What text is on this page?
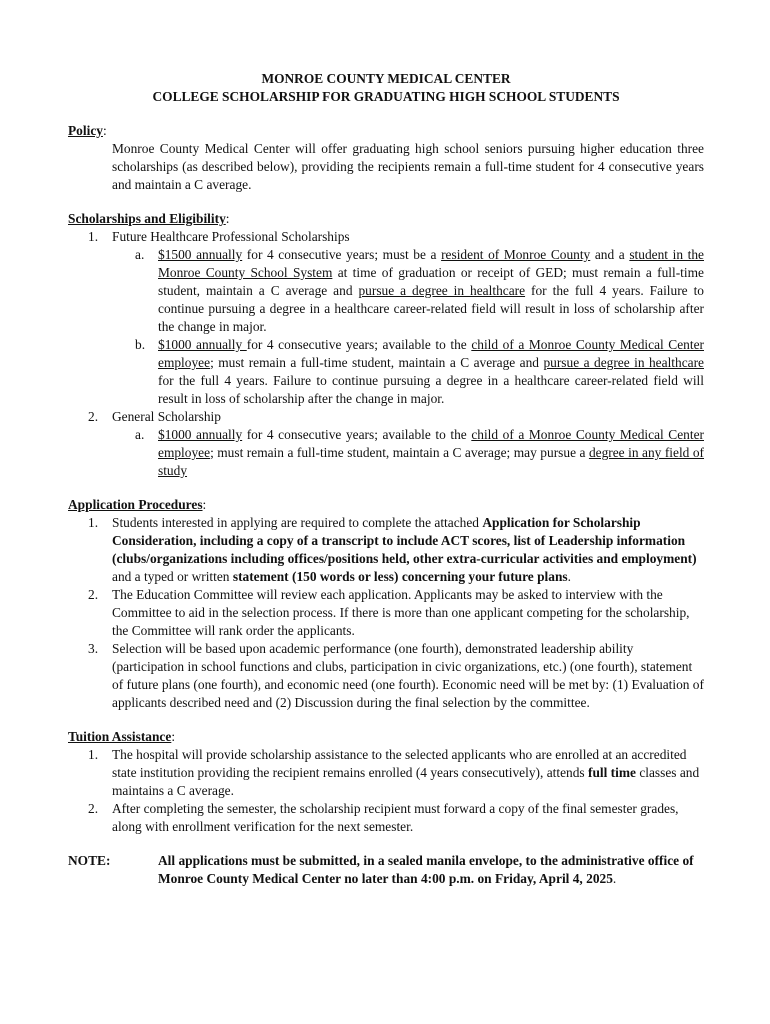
MONROE COUNTY MEDICAL CENTER
COLLEGE SCHOLARSHIP FOR GRADUATING HIGH SCHOOL STUDENTS
Policy:
Monroe County Medical Center will offer graduating high school seniors pursuing higher education three scholarships (as described below), providing the recipients remain a full-time student for 4 consecutive years and maintain a C average.
Scholarships and Eligibility:
1. Future Healthcare Professional Scholarships
a. $1500 annually for 4 consecutive years; must be a resident of Monroe County and a student in the Monroe County School System at time of graduation or receipt of GED; must remain a full-time student, maintain a C average and pursue a degree in healthcare for the full 4 years. Failure to continue pursuing a degree in a healthcare career-related field will result in loss of scholarship after the change in major.
b. $1000 annually for 4 consecutive years; available to the child of a Monroe County Medical Center employee; must remain a full-time student, maintain a C average and pursue a degree in healthcare for the full 4 years. Failure to continue pursuing a degree in a healthcare career-related field will result in loss of scholarship after the change in major.
2. General Scholarship
a. $1000 annually for 4 consecutive years; available to the child of a Monroe County Medical Center employee; must remain a full-time student, maintain a C average; may pursue a degree in any field of study
Application Procedures:
1. Students interested in applying are required to complete the attached Application for Scholarship Consideration, including a copy of a transcript to include ACT scores, list of Leadership information (clubs/organizations including offices/positions held, other extra-curricular activities and employment) and a typed or written statement (150 words or less) concerning your future plans.
2. The Education Committee will review each application. Applicants may be asked to interview with the Committee to aid in the selection process. If there is more than one applicant competing for the scholarship, the Committee will rank order the applicants.
3. Selection will be based upon academic performance (one fourth), demonstrated leadership ability (participation in school functions and clubs, participation in civic organizations, etc.) (one fourth), statement of future plans (one fourth), and economic need (one fourth). Economic need will be met by: (1) Evaluation of applicants described need and (2) Discussion during the final selection by the committee.
Tuition Assistance:
1. The hospital will provide scholarship assistance to the selected applicants who are enrolled at an accredited state institution providing the recipient remains enrolled (4 years consecutively), attends full time classes and maintains a C average.
2. After completing the semester, the scholarship recipient must forward a copy of the final semester grades, along with enrollment verification for the next semester.
NOTE:	All applications must be submitted, in a sealed manila envelope, to the administrative office of Monroe County Medical Center no later than 4:00 p.m. on Friday, April 4, 2025.
